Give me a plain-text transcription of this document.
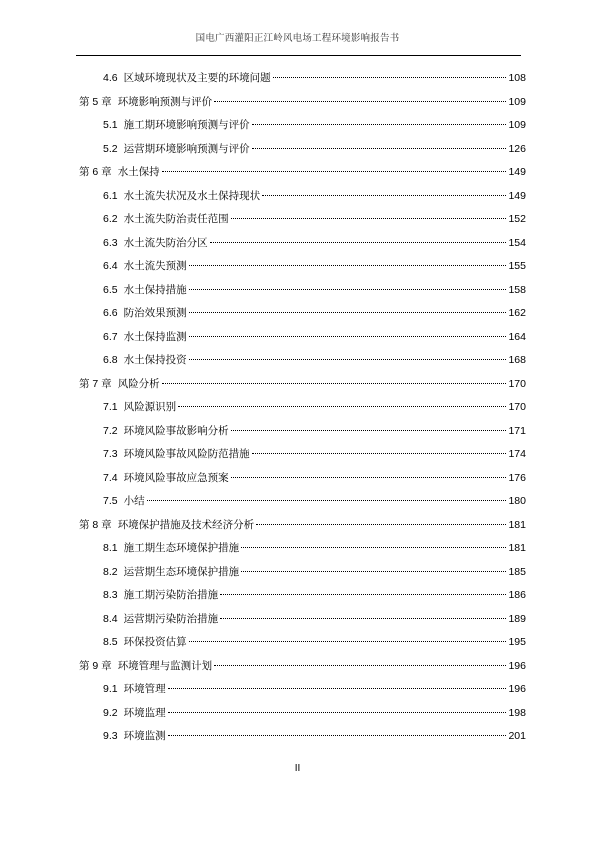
国电广西灌阳正江岭风电场工程环境影响报告书
4.6 区域环境现状及主要的环境问题	108
第 5 章 环境影响预测与评价	109
5.1 施工期环境影响预测与评价	109
5.2 运营期环境影响预测与评价	126
第 6 章 水土保持	149
6.1 水土流失状况及水土保持现状	149
6.2 水土流失防治责任范围	152
6.3 水土流失防治分区	154
6.4 水土流失预测	155
6.5 水土保持措施	158
6.6 防治效果预测	162
6.7 水土保持监测	164
6.8 水土保持投资	168
第 7 章 风险分析	170
7.1 风险源识别	170
7.2 环境风险事故影响分析	171
7.3 环境风险事故风险防范措施	174
7.4 环境风险事故应急预案	176
7.5 小结	180
第 8 章 环境保护措施及技术经济分析	181
8.1 施工期生态环境保护措施	181
8.2 运营期生态环境保护措施	185
8.3 施工期污染防治措施	186
8.4 运营期污染防治措施	189
8.5 环保投资估算	195
第 9 章 环境管理与监测计划	196
9.1 环境管理	196
9.2 环境监理	198
9.3 环境监测	201
II
